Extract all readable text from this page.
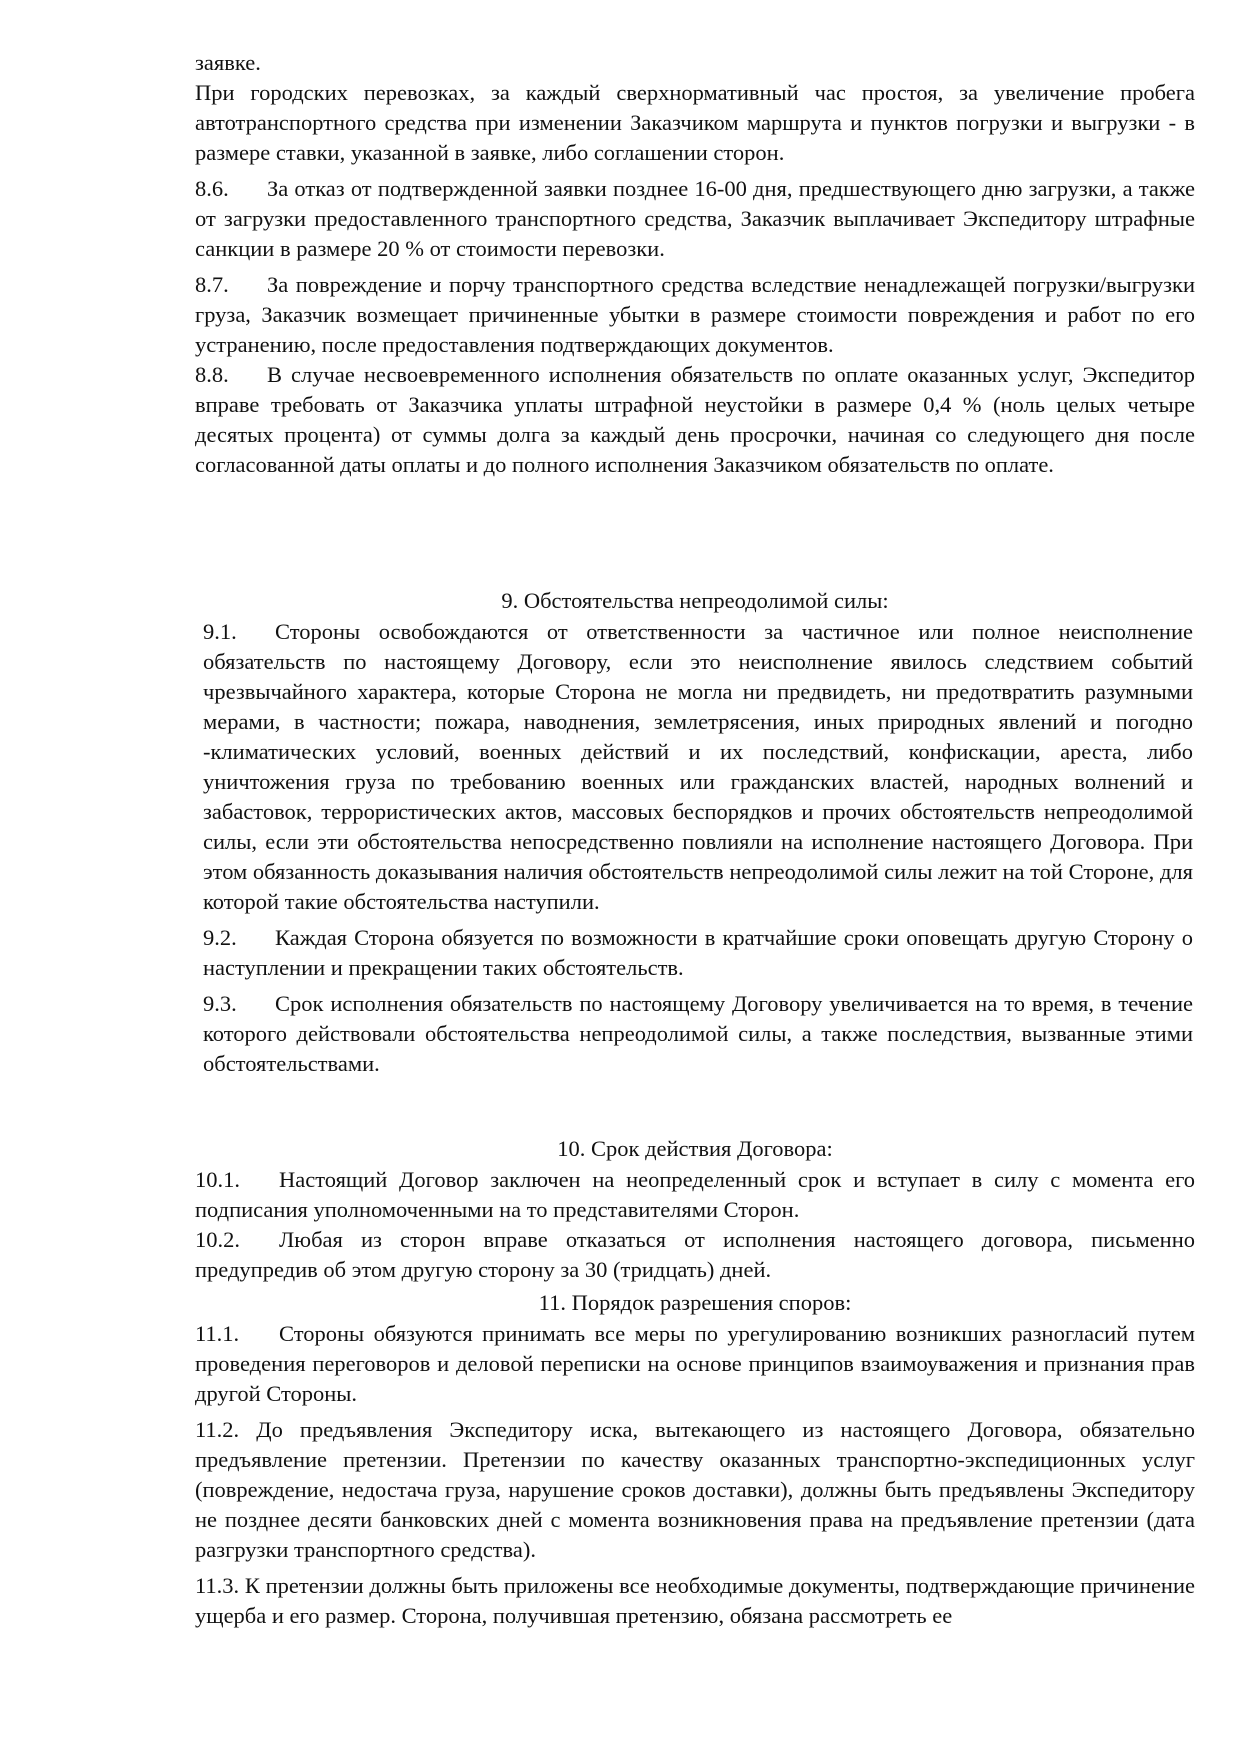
заявке.

При городских перевозках, за каждый сверхнормативный час простоя, за увеличение пробега автотранспортного средства при изменении Заказчиком маршрута и пунктов погрузки и выгрузки - в размере ставки, указанной в заявке, либо соглашении сторон.

8.6. За отказ от подтвержденной заявки позднее 16-00 дня, предшествующего дню загрузки, а также от загрузки предоставленного транспортного средства, Заказчик выплачивает Экспедитору штрафные санкции в размере 20 % от стоимости перевозки.

8.7. За повреждение и порчу транспортного средства вследствие ненадлежащей погрузки/выгрузки груза, Заказчик возмещает причиненные убытки в размере стоимости повреждения и работ по его устранению, после предоставления подтверждающих документов.

8.8. В случае несвоевременного исполнения обязательств по оплате оказанных услуг, Экспедитор вправе требовать от Заказчика уплаты штрафной неустойки в размере 0,4 % (ноль целых четыре десятых процента) от суммы долга за каждый день просрочки, начиная со следующего дня после согласованной даты оплаты и до полного исполнения Заказчиком обязательств по оплате.

9. Обстоятельства непреодолимой силы:

9.1. Стороны освобождаются от ответственности за частичное или полное неисполнение обязательств по настоящему Договору, если это неисполнение явилось следствием событий чрезвычайного характера, которые Сторона не могла ни предвидеть, ни предотвратить разумными мерами, в частности; пожара, наводнения, землетрясения, иных природных явлений и погодно -климатических условий, военных действий и их последствий, конфискации, ареста, либо уничтожения груза по требованию военных или гражданских властей, народных волнений и забастовок, террористических актов, массовых беспорядков и прочих обстоятельств непреодолимой силы, если эти обстоятельства непосредственно повлияли на исполнение настоящего Договора. При этом обязанность доказывания наличия обстоятельств непреодолимой силы лежит на той Стороне, для которой такие обстоятельства наступили.

9.2. Каждая Сторона обязуется по возможности в кратчайшие сроки оповещать другую Сторону о наступлении и прекращении таких обстоятельств.

9.3. Срок исполнения обязательств по настоящему Договору увеличивается на то время, в течение которого действовали обстоятельства непреодолимой силы, а также последствия, вызванные этими обстоятельствами.

10. Срок действия Договора:

10.1. Настоящий Договор заключен на неопределенный срок и вступает в силу с момента его подписания уполномоченными на то представителями Сторон.

10.2. Любая из сторон вправе отказаться от исполнения настоящего договора, письменно предупредив об этом другую сторону за 30 (тридцать) дней.

11. Порядок разрешения споров:

11.1. Стороны обязуются принимать все меры по урегулированию возникших разногласий путем проведения переговоров и деловой переписки на основе принципов взаимоуважения и признания прав другой Стороны.

11.2. До предъявления Экспедитору иска, вытекающего из настоящего Договора, обязательно предъявление претензии. Претензии по качеству оказанных транспортно-экспедиционных услуг (повреждение, недостача груза, нарушение сроков доставки), должны быть предъявлены Экспедитору не позднее десяти банковских дней с момента возникновения права на предъявление претензии (дата разгрузки транспортного средства).

11.3. К претензии должны быть приложены все необходимые документы, подтверждающие причинение ущерба и его размер. Сторона, получившая претензию, обязана рассмотреть ее
